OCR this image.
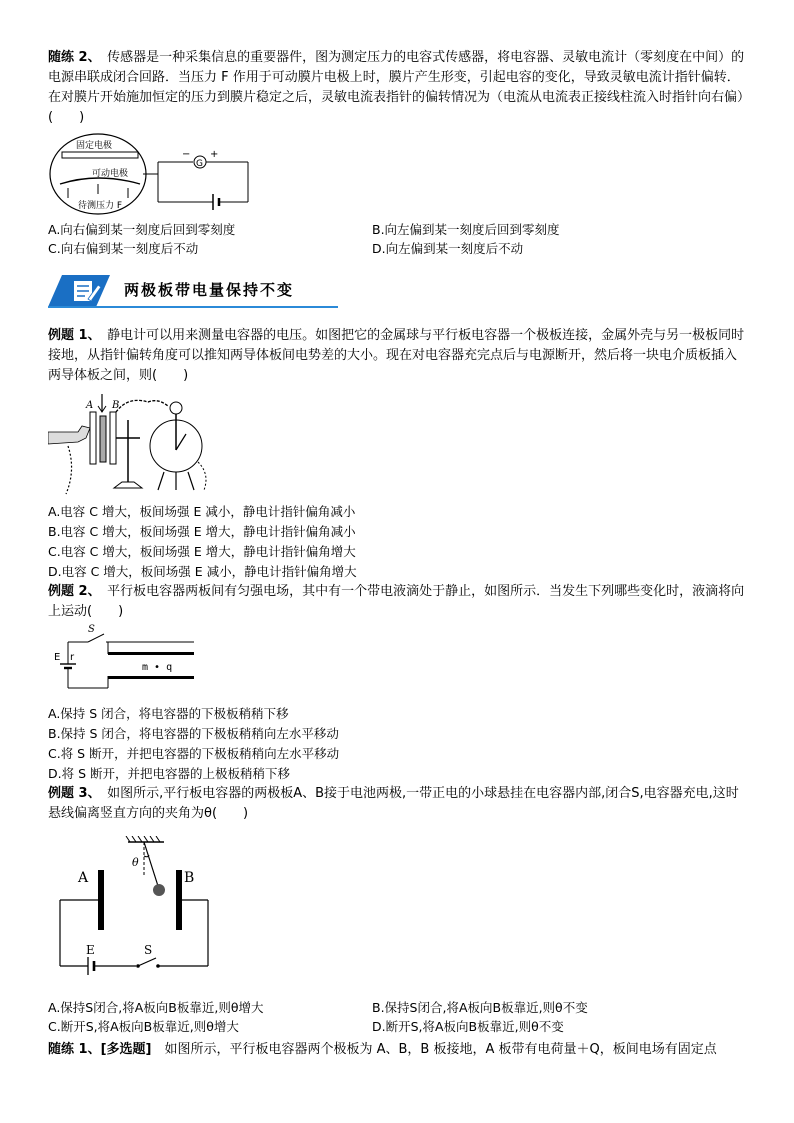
随练 2、　传感器是一种采集信息的重要器件，图为测定压力的电容式传感器，将电容器、灵敏电流计（零刻度在中间）的电源串联成闭合回路．当压力 F 作用于可动膜片电极上时，膜片产生形变，引起电容的变化，导致灵敏电流计指针偏转．在对膜片开始施加恒定的压力到膜片稳定之后，灵敏电流表指针的偏转情况为（电流从电流表正接线柱流入时指针向右偏）(　　)
固定电极
可动电极
待测压力 F
G
− +
A.向右偏到某一刻度后回到零刻度	B.向左偏到某一刻度后回到零刻度
C.向右偏到某一刻度后不动	D.向左偏到某一刻度后不动
两极板带电量保持不变
例题 1、　静电计可以用来测量电容器的电压。如图把它的金属球与平行板电容器一个极板连接，金属外壳与另一极板同时接地，从指针偏转角度可以推知两导体板间电势差的大小。现在对电容器充完点后与电源断开，然后将一块电介质板插入两导体板之间，则(　　)
A B
A.电容 C 增大，板间场强 E 减小，静电计指针偏角减小
B.电容 C 增大，板间场强 E 增大，静电计指针偏角减小
C.电容 C 增大，板间场强 E 增大，静电计指针偏角增大
D.电容 C 增大，板间场强 E 减小，静电计指针偏角增大
例题 2、　平行板电容器两板间有匀强电场，其中有一个带电液滴处于静止，如图所示．当发生下列哪些变化时，液滴将向上运动(　　)
S
E r
m • q
A.保持 S 闭合，将电容器的下极板稍稍下移
B.保持 S 闭合，将电容器的下极板稍稍向左水平移动
C.将 S 断开，并把电容器的下极板稍稍向左水平移动
D.将 S 断开，并把电容器的上极板稍稍下移
例题 3、　如图所示,平行板电容器的两极板A、B接于电池两极,一带正电的小球悬挂在电容器内部,闭合S,电容器充电,这时悬线偏离竖直方向的夹角为θ(　　)
θ
A	B
E	S
A.保持S闭合,将A板向B板靠近,则θ增大	B.保持S闭合,将A板向B板靠近,则θ不变
C.断开S,将A板向B板靠近,则θ增大	D.断开S,将A板向B板靠近,则θ不变
随练 1、[多选题]　如图所示，平行板电容器两个极板为 A、B，B 板接地，A 板带有电荷量＋Q，板间电场有固定点
